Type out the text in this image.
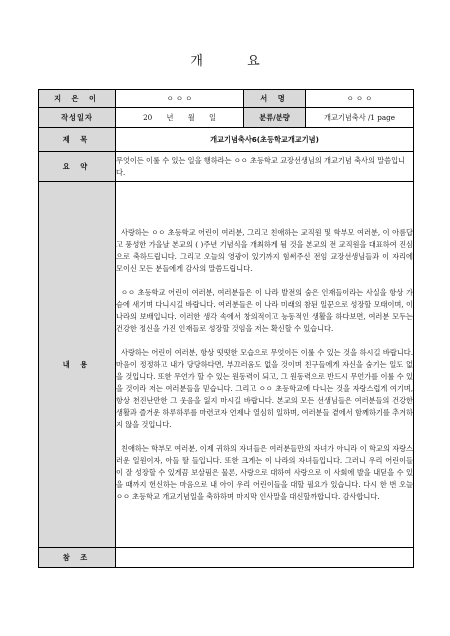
개 요
지 은 이	ㅇ ㅇ ㅇ	서 명	ㅇ ㅇ ㅇ
작성일자	20 년 월 일	분류/분량	개교기념축사 /1 page
제 목	개교기념축사6(초등학교개교기념)		
요 약	무엇이든 이룰 수 있는 일을 행하라는 ㅇㅇ 초등학교 교장선생님의 개교기념 축사의 말씀입니다.		
내 용	사랑하는 ㅇㅇ 초등학교 어린이 여러분, 그리고 친애하는 교직원 및 학부모 여러분, 이 아름답고 풍성한 가을날 본교의 ( )주년 기념식을 개최하게 됨 것을 본교의 전 교직원을 대표하여 진심으로 축하드립니다. 그리고 오늘의 영광이 있기까지 힘써주신 전임 교장선생님들과 이 자리에 모이신 모든 분들에게 감사의 말씀드립니다.

ㅇㅇ 초등학교 어린이 여러분, 여러분들은 이 나라 발전의 숨은 인재들이라는 사실을 항상 가슴에 새기며 다니시길 바랍니다. 여러분들은 이 나라 미래의 참된 일꾼으로 성장할 모태이며, 이 나라의 보배입니다. 이러한 생각 속에서 창의적이고 능동적인 생활을 하다보면, 여러분 모두는 건강한 정신을 가진 인재들로 성장할 것임을 저는 확신할 수 있습니다.

사랑하는 어린이 여러분, 항상 떳떳한 모습으로 무엇이든 이룰 수 있는 것을 하시길 바랍니다. 마음이 정정하고 내가 당당하다면, 부끄러움도 없을 것이며 친구들에게 자신을 숨기는 일도 없을 것입니다. 또한 무언가 할 수 있는 원동력이 되고, 그 원동력으로 반드시 무언가를 이룰 수 있을 것이라 저는 여러분들을 믿습니다. 그리고 ㅇㅇ 초등학교에 다니는 것을 자랑스럽게 여기며, 항상 천진난만한 그 웃음을 잃지 마시길 바랍니다. 본교의 모든 선생님들은 여러분들의 건강한 생활과 즐거운 하루하루를 마련코자 언제나 열심히 일하며, 여러분들 곁에서 함께하기를 추겨하지 않을 것입니다.

친애하는 학부모 여러분, 이제 귀하의 자녀들은 여러분들만의 자녀가 아니라 이 학교의 자랑스러운 일원이자, 아들 딸 들입니다. 또한 크게는 이 나라의 자녀들입니다. 그러니 우리 어린이들이 잘 성장할 수 있게끔 보살핌은 물론, 사랑으로 대하여 사랑으로 이 사회에 발을 내딛을 수 있을 때까지 헌신하는 마음으로 내 아이 우리 어린이들을 대할 필요가 있습니다. 다시 한 번 오늘 ㅇㅇ 초등학교 개교기념일을 축하하며 마지막 인사말을 대신할까합니다. 감사합니다.		

참 조			
